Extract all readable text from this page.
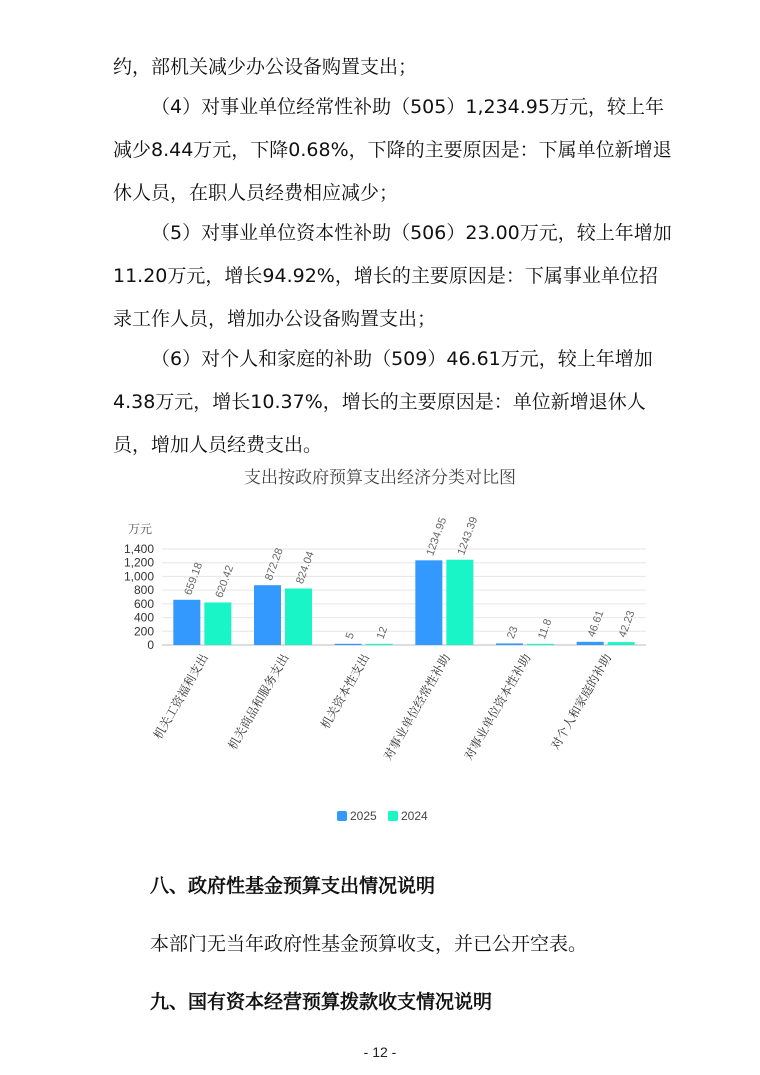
约，部机关减少办公设备购置支出；

（4）对事业单位经常性补助（505）1,234.95万元，较上年减少8.44万元，下降0.68%，下降的主要原因是：下属单位新增退休人员，在职人员经费相应减少；

（5）对事业单位资本性补助（506）23.00万元，较上年增加11.20万元，增长94.92%，增长的主要原因是：下属事业单位招录工作人员，增加办公设备购置支出；

（6）对个人和家庭的补助（509）46.61万元，较上年增加4.38万元，增长10.37%，增长的主要原因是：单位新增退休人员，增加人员经费支出。

支出按政府预算支出经济分类对比图
万元
0
200
400
600
800
1,000
1,200
1,400
659.18 620.42
机关工资福利支出
872.28 824.04
机关商品和服务支出
5 12
机关资本性支出
1234.95 1243.39
对事业单位经常性补助
23 11.8
对事业单位资本性补助
46.61 42.23
对个人和家庭的补助
2025 2024
八、政府性基金预算支出情况说明
本部门无当年政府性基金预算收支，并已公开空表。
九、国有资本经营预算拨款收支情况说明
- 12 -
